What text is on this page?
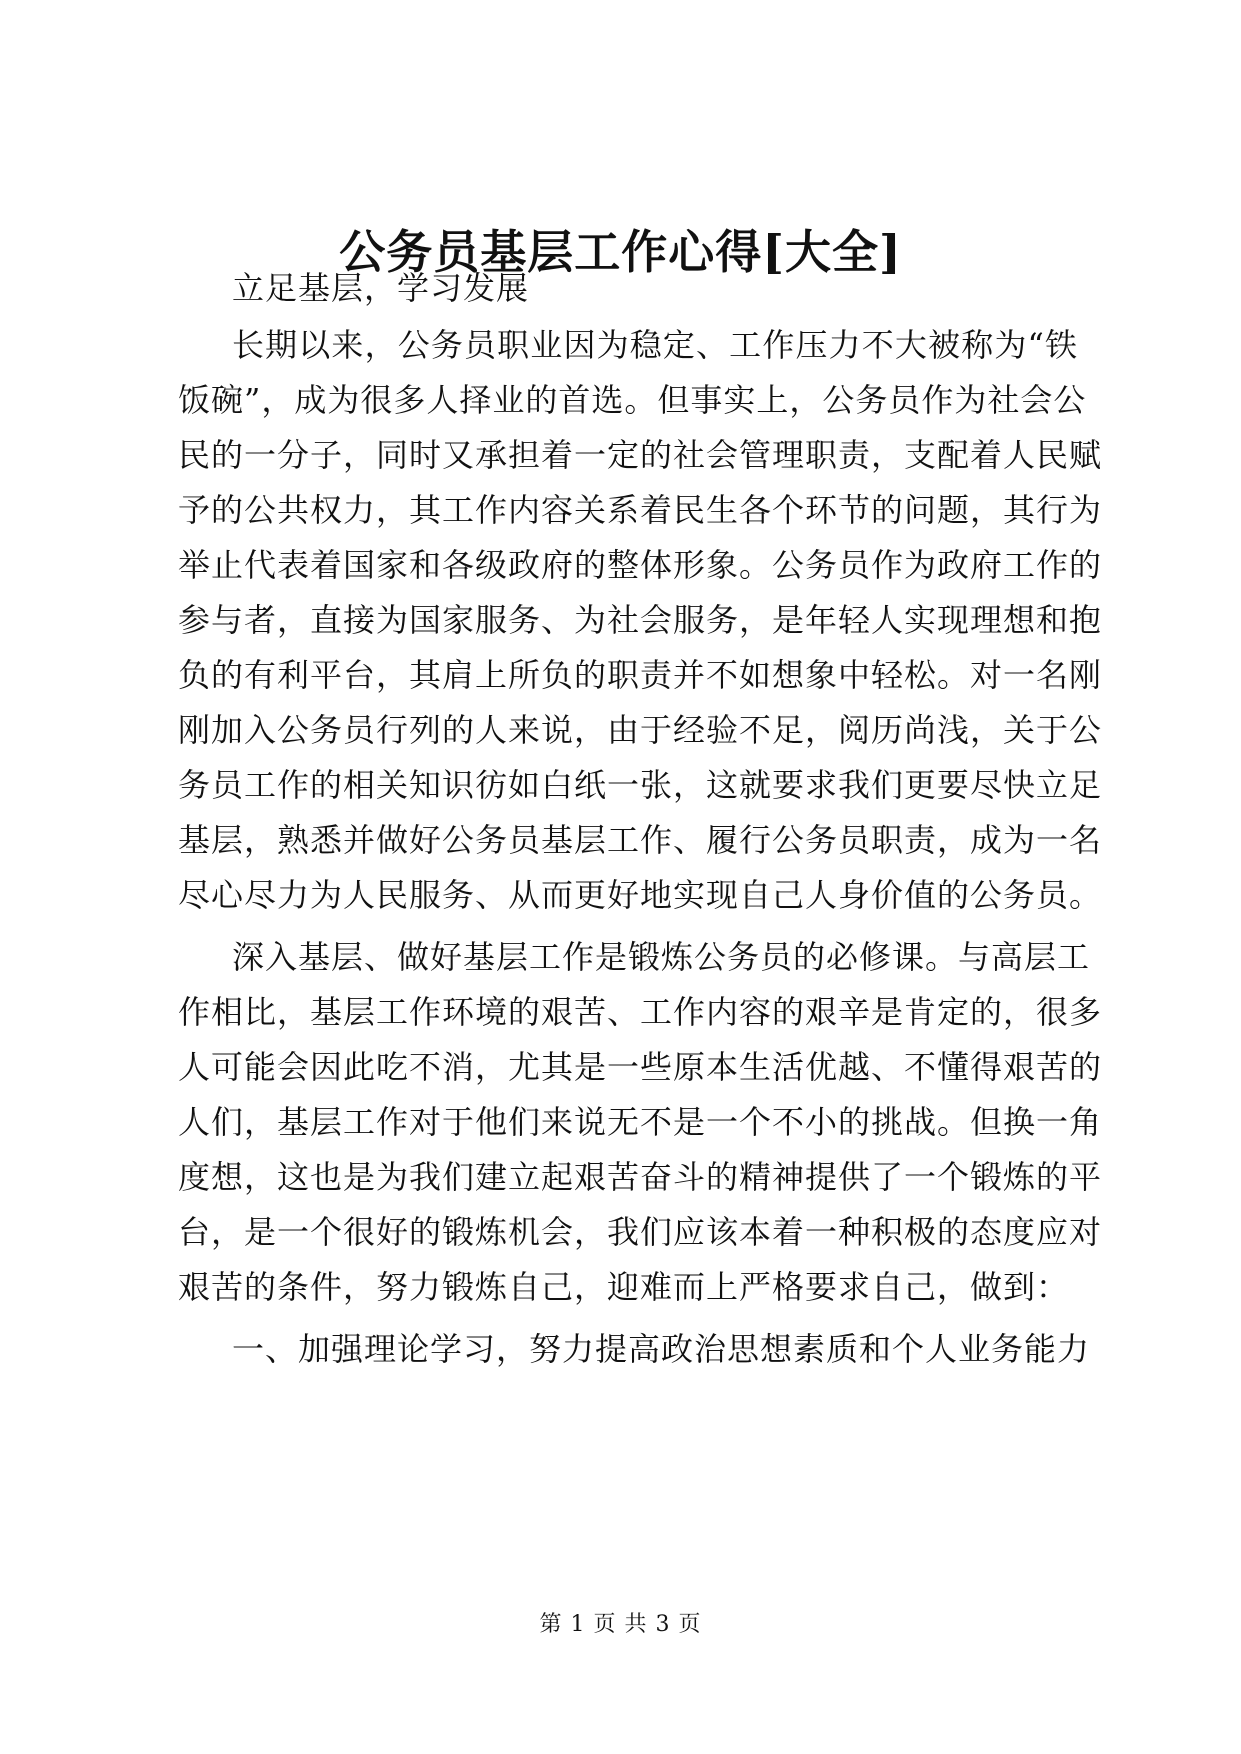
公务员基层工作心得[大全]
立足基层，学习发展
长期以来，公务员职业因为稳定、工作压力不大被称为“铁
饭碗”，成为很多人择业的首选。但事实上，公务员作为社会公
民的一分子，同时又承担着一定的社会管理职责，支配着人民赋
予的公共权力，其工作内容关系着民生各个环节的问题，其行为
举止代表着国家和各级政府的整体形象。公务员作为政府工作的
参与者，直接为国家服务、为社会服务，是年轻人实现理想和抱
负的有利平台，其肩上所负的职责并不如想象中轻松。对一名刚
刚加入公务员行列的人来说，由于经验不足，阅历尚浅，关于公
务员工作的相关知识彷如白纸一张，这就要求我们更要尽快立足
基层，熟悉并做好公务员基层工作、履行公务员职责，成为一名
尽心尽力为人民服务、从而更好地实现自己人身价值的公务员。
深入基层、做好基层工作是锻炼公务员的必修课。与高层工
作相比，基层工作环境的艰苦、工作内容的艰辛是肯定的，很多
人可能会因此吃不消，尤其是一些原本生活优越、不懂得艰苦的
人们，基层工作对于他们来说无不是一个不小的挑战。但换一角
度想，这也是为我们建立起艰苦奋斗的精神提供了一个锻炼的平
台，是一个很好的锻炼机会，我们应该本着一种积极的态度应对
艰苦的条件，努力锻炼自己，迎难而上严格要求自己，做到：
一、加强理论学习，努力提高政治思想素质和个人业务能力
第 1 页 共 3 页
